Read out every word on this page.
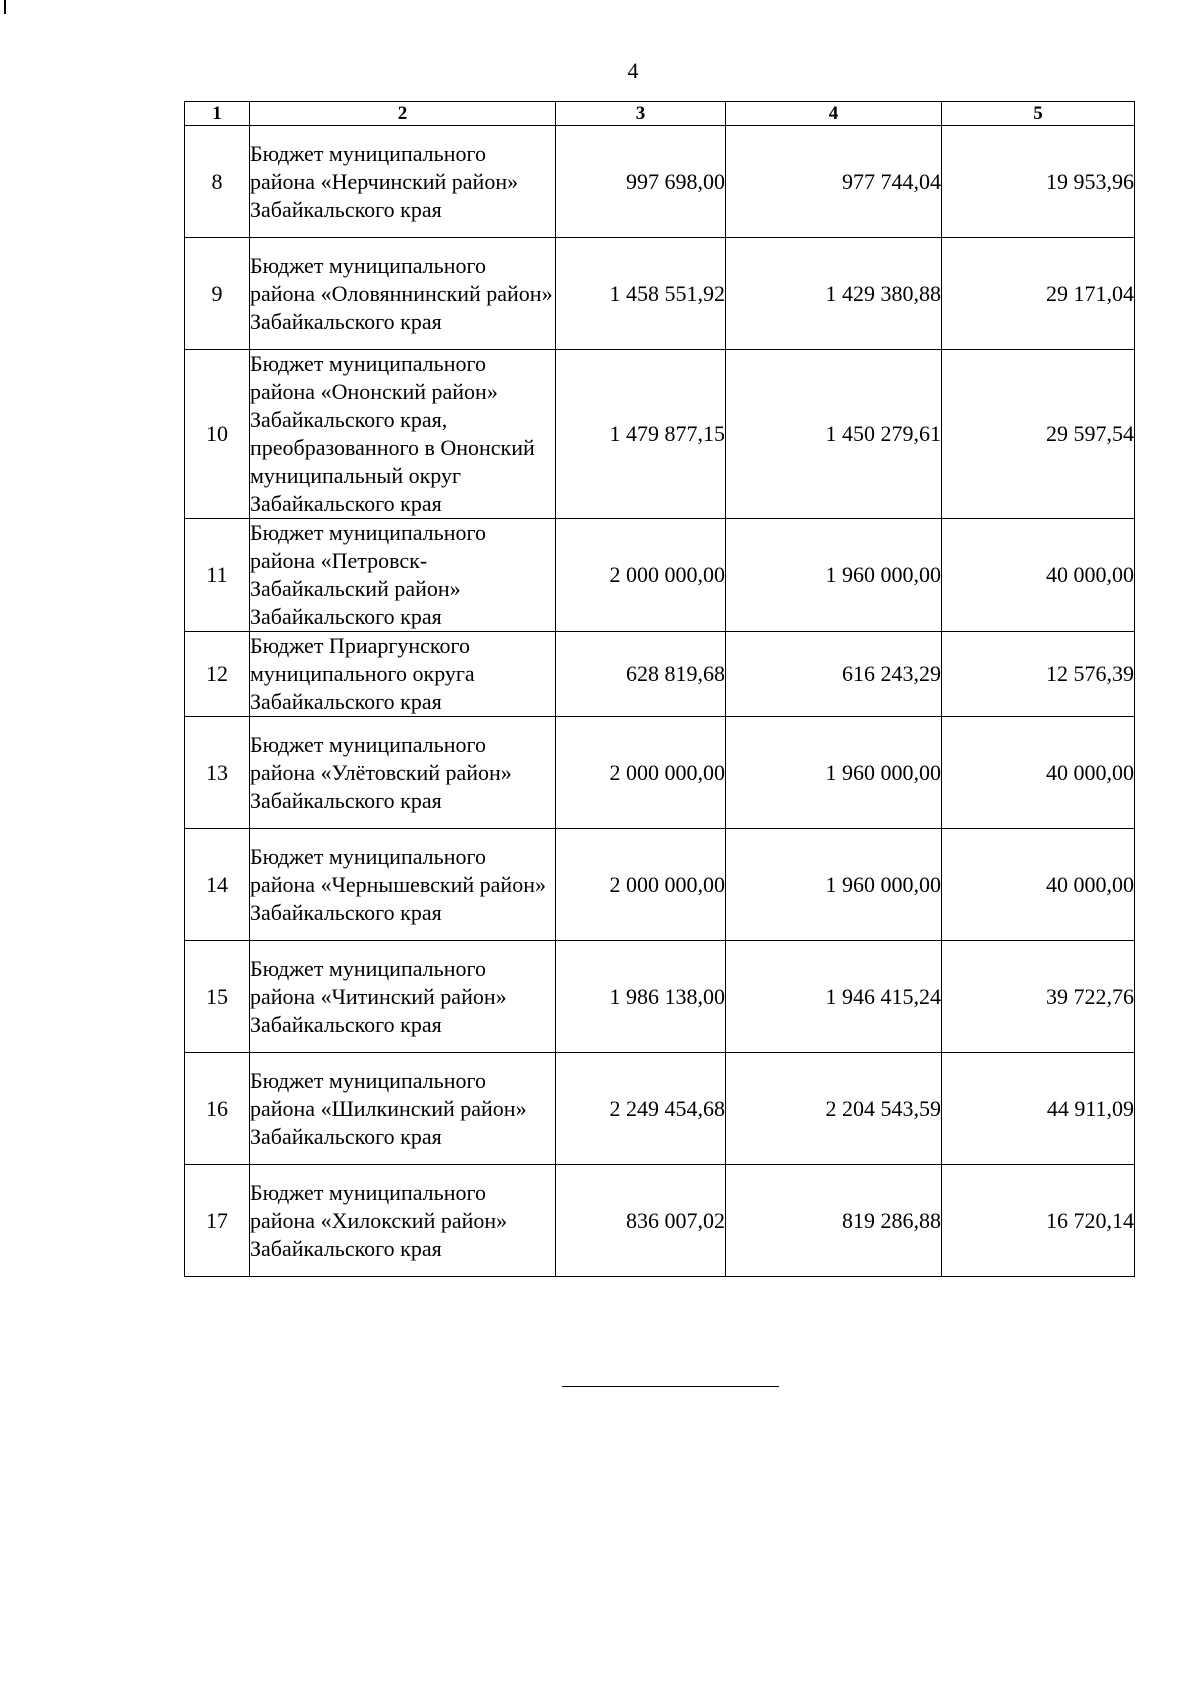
4
1	2	3	4	5
8	Бюджет муниципального района «Нерчинский район» Забайкальского края	997 698,00	977 744,04	19 953,96
9	Бюджет муниципального района «Оловяннинский район» Забайкальского края	1 458 551,92	1 429 380,88	29 171,04
10	Бюджет муниципального района «Ононский район» Забайкальского края, преобразованного в Ононский муниципальный округ Забайкальского края	1 479 877,15	1 450 279,61	29 597,54
11	Бюджет муниципального района «Петровск-Забайкальский район» Забайкальского края	2 000 000,00	1 960 000,00	40 000,00
12	Бюджет Приаргунского муниципального округа Забайкальского края	628 819,68	616 243,29	12 576,39
13	Бюджет муниципального района «Улётовский район» Забайкальского края	2 000 000,00	1 960 000,00	40 000,00
14	Бюджет муниципального района «Чернышевский район» Забайкальского края	2 000 000,00	1 960 000,00	40 000,00
15	Бюджет муниципального района «Читинский район» Забайкальского края	1 986 138,00	1 946 415,24	39 722,76
16	Бюджет муниципального района «Шилкинский район» Забайкальского края	2 249 454,68	2 204 543,59	44 911,09
17	Бюджет муниципального района «Хилокский район» Забайкальского края	836 007,02	819 286,88	16 720,14
